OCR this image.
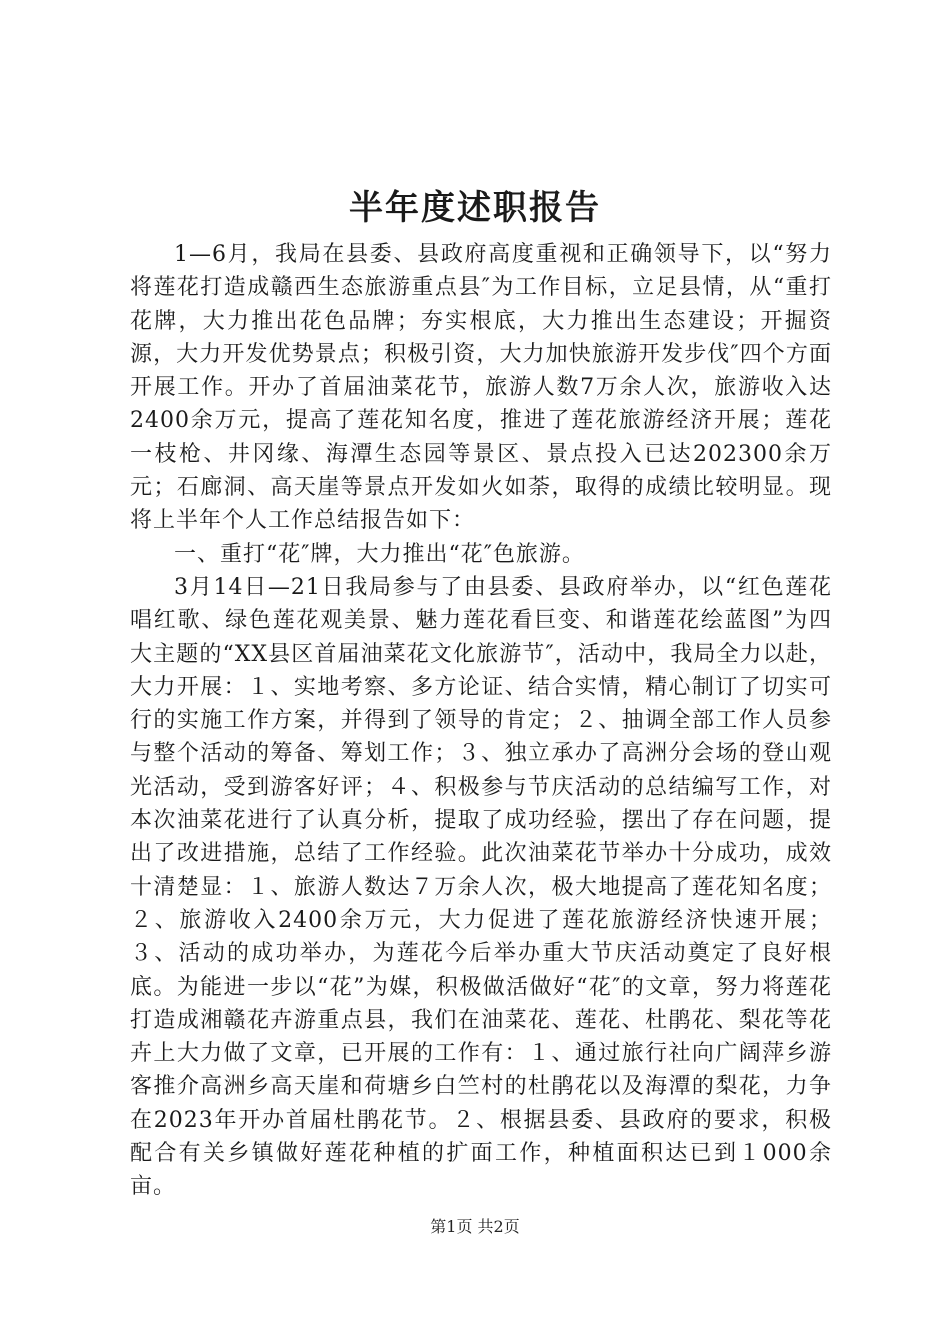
半年度述职报告

1—6月，我局在县委、县政府高度重视和正确领导下，以“努力将莲花打造成赣西生态旅游重点县″为工作目标，立足县情，从“重打花牌，大力推出花色品牌；夯实根底，大力推出生态建设；开掘资源，大力开发优势景点；积极引资，大力加快旅游开发步伐″四个方面开展工作。开办了首届油菜花节，旅游人数7万余人次，旅游收入达2400余万元，提高了莲花知名度，推进了莲花旅游经济开展；莲花一枝枪、井冈缘、海潭生态园等景区、景点投入已达202300余万元；石廊洞、高天崖等景点开发如火如荼，取得的成绩比较明显。现将上半年个人工作总结报告如下：

一、重打“花″牌，大力推出“花″色旅游。

3月14日—21日我局参与了由县委、县政府举办，以“红色莲花唱红歌、绿色莲花观美景、魅力莲花看巨变、和谐莲花绘蓝图”为四大主题的“XX县区首届油菜花文化旅游节″，活动中，我局全力以赴，大力开展：１、实地考察、多方论证、结合实情，精心制订了切实可行的实施工作方案，并得到了领导的肯定；２、抽调全部工作人员参与整个活动的筹备、筹划工作；３、独立承办了高洲分会场的登山观光活动，受到游客好评；４、积极参与节庆活动的总结编写工作，对本次油菜花进行了认真分析，提取了成功经验，摆出了存在问题，提出了改进措施，总结了工作经验。此次油菜花节举办十分成功，成效十清楚显：１、旅游人数达７万余人次，极大地提高了莲花知名度；２、旅游收入2400余万元，大力促进了莲花旅游经济快速开展；３、活动的成功举办，为莲花今后举办重大节庆活动奠定了良好根底。为能进一步以“花”为媒，积极做活做好“花″的文章，努力将莲花打造成湘赣花卉游重点县，我们在油菜花、莲花、杜鹃花、梨花等花卉上大力做了文章，已开展的工作有：１、通过旅行社向广阔萍乡游客推介高洲乡高天崖和荷塘乡白竺村的杜鹃花以及海潭的梨花，力争在2023年开办首届杜鹃花节。２、根据县委、县政府的要求，积极配合有关乡镇做好莲花种植的扩面工作，种植面积达已到１000余亩。

第1页 共2页
